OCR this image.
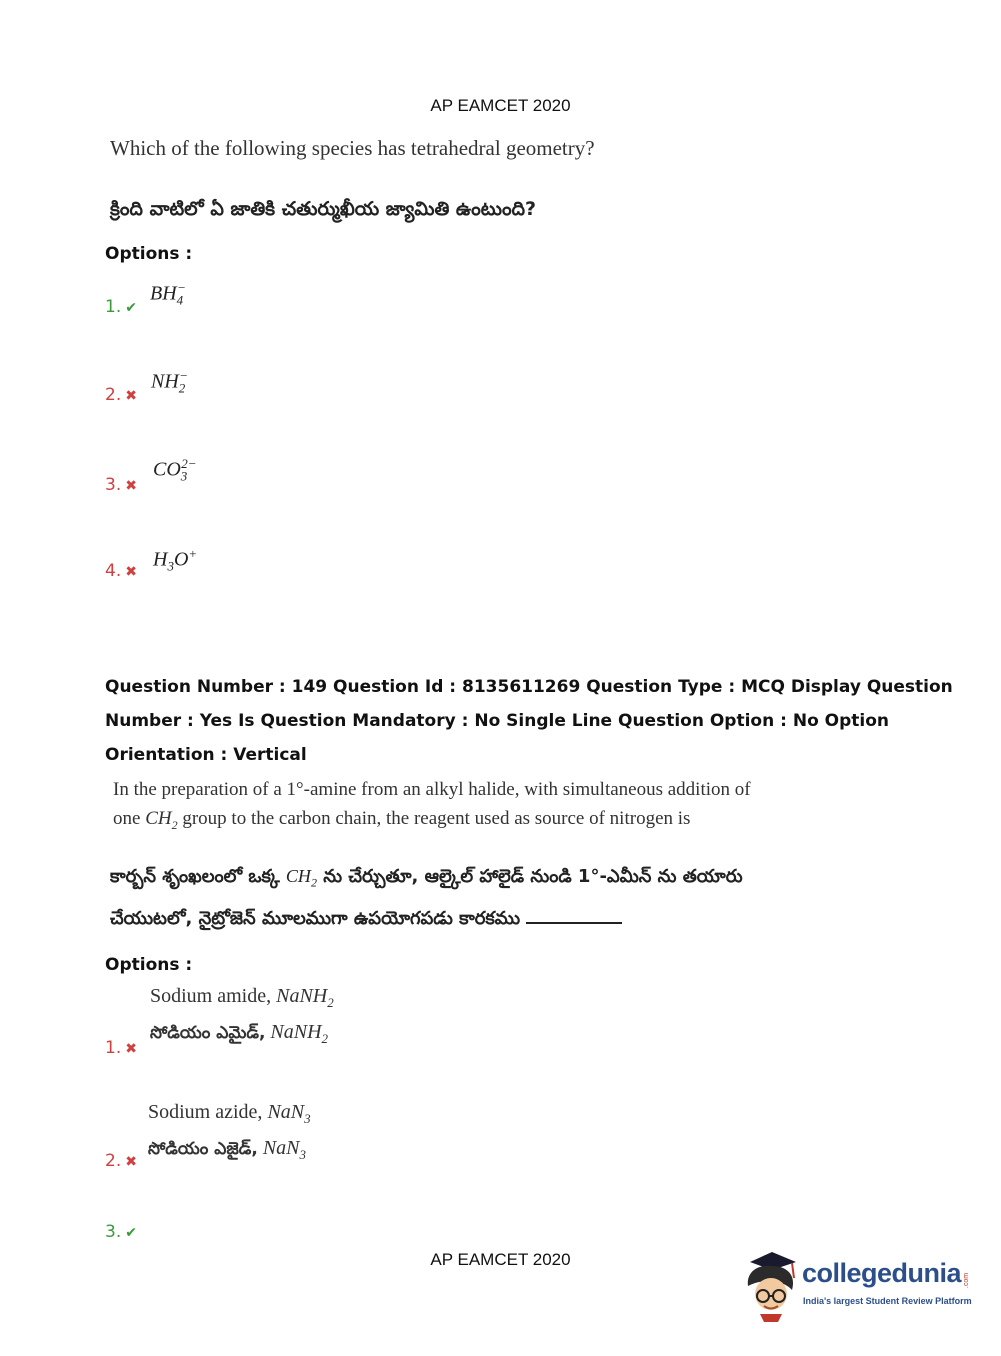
AP EAMCET 2020
Which of the following species has tetrahedral geometry?
క్రింది వాటిలో ఏ జాతికి చతుర్ముఖీయ జ్యామితి ఉంటుంది?
Options :
1. ✔
$BH_4^-$
2. ✖
$NH_2^-$
3. ✖
$CO_3^{2-}$
4. ✖
$H_3O^+$
Question Number : 149 Question Id : 8135611269 Question Type : MCQ Display Question
Number : Yes Is Question Mandatory : No Single Line Question Option : No Option
Orientation : Vertical
In the preparation of a 1°-amine from an alkyl halide, with simultaneous addition of
one $CH_2$ group to the carbon chain, the reagent used as source of nitrogen is
కార్బన్ శృంఖలంలో ఒక్క $CH_2$ ను చేర్చుతూ, ఆల్కైల్ హాలైడ్ నుండి 1°-ఎమీన్ ను తయారు
చేయుటలో, నైట్రోజెన్ మూలముగా ఉపయోగపడు కారకము
Options :
Sodium amide, NaNH$_2$
సోడియం ఎమైడ్, NaNH$_2$
1. ✖
Sodium azide, NaN$_3$
సోడియం ఎజైడ్, NaN$_3$
2. ✖
3. ✔
AP EAMCET 2020	collegedunia .com
India's largest Student Review Platform
